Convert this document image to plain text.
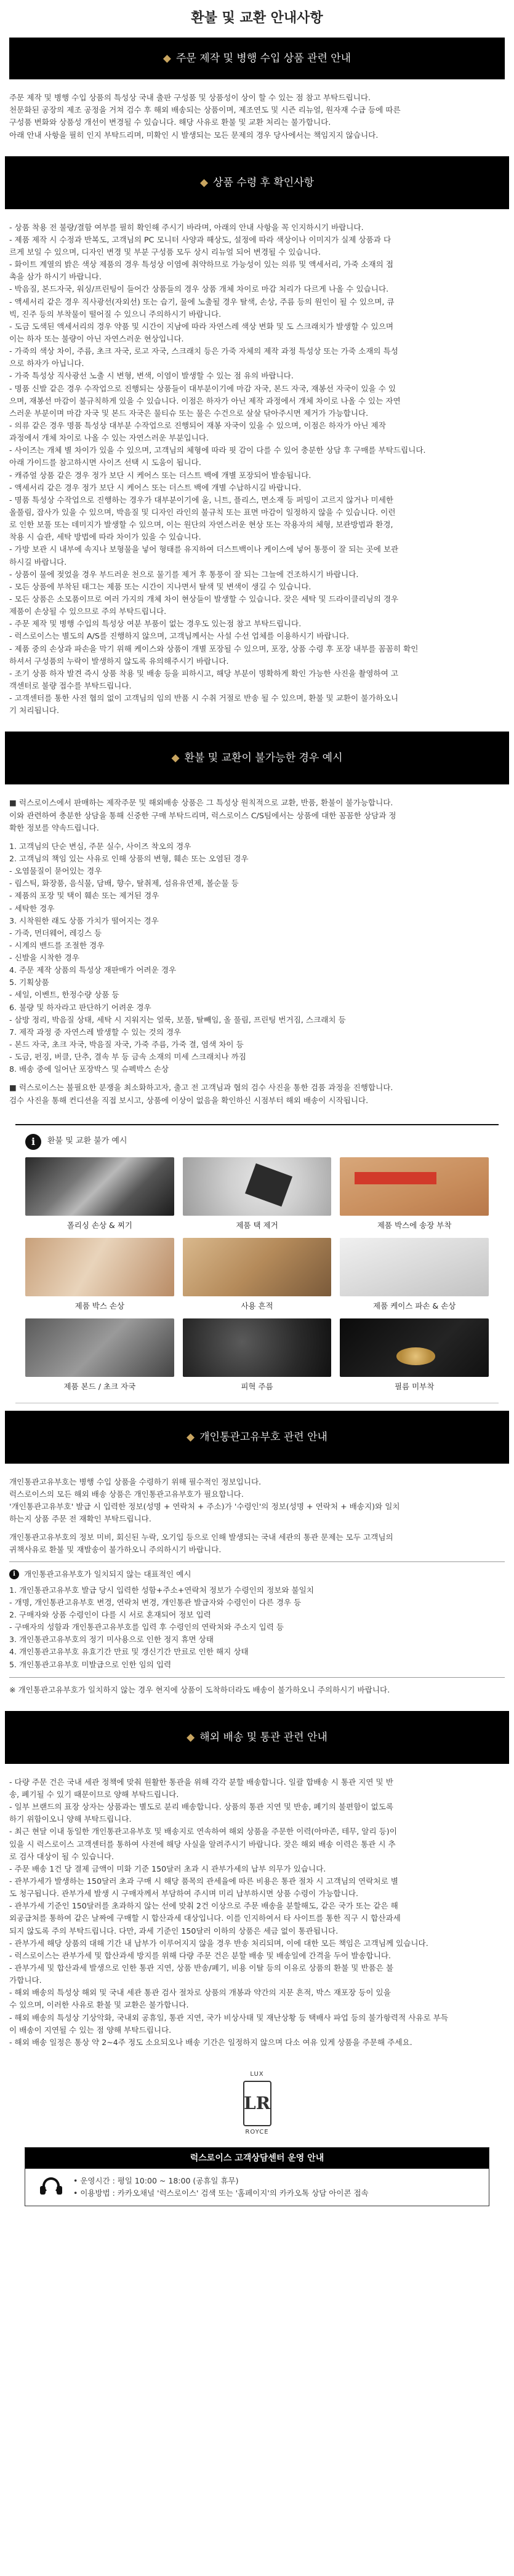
환불 및 교환 안내사항
◆ 주문 제작 및 병행 수입 상품 관련 안내

주문 제작 및 병행 수입 상품의 특성상 국내 출판 구성품 및 상품성이 상이 할 수 있는 점 참고 부탁드립니다.

천문화된 공장의 제조 공정을 거쳐 검수 후 해외 배송되는 상품이며, 제조연도 및 시즌 리뉴얼, 원자재 수급 등에 따른

구성품 변화와 상품성 개선이 변경될 수 있습니다. 해당 사유로 환불 및 교환 처리는 불가합니다.

아래 안내 사항을 필히 인지 부탁드리며, 미확인 시 발생되는 모든 문제의 경우 당사에서는 책임지지 않습니다.

◆ 상품 수령 후 확인사항
- 상품 착용 전 불량/결함 여부를 필히 확인해 주시기 바라며, 아래의 안내 사항을 꼭 인지하시기 바랍니다.
- 제품 제작 시 수정과 반복도, 고객님의 PC 모니터 사양과 해상도, 설정에 따라 색상이나 이미지가 실제 상품과 다
르게 보일 수 있으며, 디자인 변경 및 부분 구성품 모두 상시 리뉴얼 되어 변경될 수 있습니다.
- 화이트 계열의 밝은 색상 제품의 경우 특성상 이염에 취약하므로 가능성이 있는 의류 및 액세서리, 가죽 소재의 접
촉을 삼가 하시기 바랍니다.
- 박음질, 본드자국, 워싱/프린팅이 들어간 상품들의 경우 상품 개체 차이로 마감 처리가 다르게 나올 수 있습니다.
- 액세서리 같은 경우 직사광선(자외선) 또는 습기, 물에 노출될 경우 탈색, 손상, 주름 등의 원인이 될 수 있으며, 큐
빅, 진주 등의 부착물이 떨어질 수 있으니 주의하시기 바랍니다.
- 도금 도색된 액세서리의 경우 약품 및 시간이 지남에 따라 자연스레 색상 변화 및 도 스크래치가 발생할 수 있으며
이는 하자 또는 불량이 아닌 자연스러운 현상입니다.
- 가죽의 색상 차이, 주름, 초크 자국, 로고 자국, 스크래치 등은 가죽 자체의 제작 과정 특성상 또는 가죽 소재의 특성
으로 하자가 아닙니다.
- 가죽 특성상 직사광선 노출 시 변형, 변색, 이염이 발생할 수 있는 점 유의 바랍니다.
- 명품 신발 같은 경우 수작업으로 진행되는 상품들이 대부분이기에 마감 자국, 본드 자국, 재봉선 자국이 있을 수 있
으며, 재봉선 마감이 불규칙하게 있을 수 있습니다. 이점은 하자가 아닌 제작 과정에서 개체 차이로 나올 수 있는 자연
스러운 부분이며 마감 자국 및 본드 자국은 물티슈 또는 물은 수건으로 살살 닦아주시면 제거가 가능합니다.
- 의류 같은 경우 명품 특성상 대부분 수작업으로 진행되어 재봉 자국이 있을 수 있으며, 이점은 하자가 아닌 제작
과정에서 개체 차이로 나올 수 있는 자연스러운 부분입니다.
- 사이즈는 개체 별 차이가 있을 수 있으며, 고객님의 체형에 따라 핏 감이 다를 수 있어 충분한 상담 후 구매를 부탁드립니다.
아래 가이드를 참고하시면 사이즈 선택 시 도움이 됩니다.
- 캐쥬얼 상품 같은 경우 정가 보단 시 케어스 또는 더스트 백에 개별 포장되어 발송됩니다.
- 액세서리 같은 경우 정가 보단 시 케어스 또는 더스트 백에 개별 수납하시길 바랍니다.
- 명품 특성상 수작업으로 진행하는 경우가 대부분이기에 울, 니트, 플리스, 면소재 등 퍼밍이 고르지 않거나 미세한
올풀림, 잡사가 있을 수 있으며, 박음질 및 디자인 라인의 불규칙 또는 표면 마감이 일정하지 않을 수 있습니다. 이런
로 인한 보풀 또는 데미지가 발생할 수 있으며, 이는 원단의 자연스러운 현상 또는 작용자의 체형, 보관방법과 환경,
착용 시 습관, 세탁 방법에 따라 차이가 있을 수 있습니다.
- 가방 보관 시 내부에 속지나 보형물을 넣어 형태를 유지하여 더스트백이나 케이스에 넣어 통풍이 잘 되는 곳에 보관
하시길 바랍니다.
- 상품이 물에 젖었을 경우 부드러운 천으로 물기를 제거 후 통풍이 잘 되는 그늘에 건조하시기 바랍니다.
- 모든 상품에 부착된 태그는 제품 또는 시간이 지나면서 탈색 및 변색이 생길 수 있습니다.
- 모든 상품은 소모품이므로 여러 가지의 개체 차이 현상들이 발생할 수 있습니다. 잦은 세탁 및 드라이클리닝의 경우
제품이 손상될 수 있으므로 주의 부탁드립니다.
- 주문 제작 및 병행 수입의 특성상 여분 부품이 없는 경우도 있는점 참고 부탁드립니다.
- 럭스로이스는 별도의 A/S를 진행하지 않으며, 고객님께서는 사설 수선 업체를 이용하시기 바랍니다.
- 제품 중의 손상과 파손을 막기 위해 케이스와 상품이 개별 포장될 수 있으며, 포장, 상품 수령 후 포장 내부를 꼼꼼히 확인
하셔서 구성품의 누락이 발생하지 않도록 유의해주시기 바랍니다.
- 조기 상품 하자 발견 즉시 상품 착용 및 배송 등을 피하시고, 해당 부분이 명확하게 확인 가능한 사진을 촬영하여 고
객센터로 불량 접수를 부탁드립니다.
- 고객센터를 통한 사전 협의 없이 고객님의 임의 반품 시 수취 거절로 반송 될 수 있으며, 환불 및 교환이 불가하오니
기 처리됩니다.
◆ 환불 및 교환이 불가능한 경우 예시

■ 럭스로이스에서 판매하는 제작주문 및 해외배송 상품은 그 특성상 원칙적으로 교환, 반품, 환불이 불가능합니다.

이와 관련하여 충분한 상담을 통해 신중한 구매 부탁드리며, 럭스로이스 C/S팀에서는 상품에 대한 꼼꼼한 상담과 정

확한 정보를 약속드립니다.

1. 고객님의 단순 변심, 주문 실수, 사이즈 착오의 경우
2. 고객님의 책임 있는 사유로 인해 상품의 변형, 훼손 또는 오염된 경우
- 오염물질이 묻어있는 경우
- 립스틱, 화장품, 음식물, 담배, 향수, 탈취제, 섬유유연제, 볼순물 등
- 제품의 포장 및 택이 훼손 또는 제거된 경우
- 세탁한 경우
3. 시착원한 래도 상품 가치가 떨어지는 경우
- 가죽, 먼더웨어, 레깅스 등
- 시계의 밴드를 조절한 경우
- 신발을 시착한 경우
4. 주문 제작 상품의 특성상 재판매가 어려운 경우
5. 기획상품
- 세일, 이벤트, 한정수량 상품 등
6. 불량 및 하자라고 판단하기 어려운 경우
- 삼방 정리, 박음질 상태, 세탁 시 지워지는 얼룩, 보풀, 탈빼임, 올 풀림, 프린팅 번거짐, 스크래치 등
7. 제작 과정 중 자연스레 발생할 수 있는 것의 경우
- 본드 자국, 초크 자국, 박음질 자국, 가죽 주름, 가죽 결, 염색 차이 등
- 도금, 펀징, 버클, 단추, 결속 부 등 금속 소재의 미세 스크래치나 까짐
8. 배송 중에 일어난 포장박스 및 슈펙박스 손상

■ 럭스로이스는 불필요한 분쟁을 최소화하고자, 출고 전 고객님과 협의 검수 사진을 통한 검품 과정을 진행합니다.

검수 사진을 통해 컨디션을 직접 보시고, 상품에 이상이 없음을 확인하신 시점부터 해외 배송이 시작됩니다.

i	환불 및 교환 불가 예시
폴리싱 손상 & 찌기	제품 택 제거	제품 박스에 송장 부착
제품 박스 손상	사용 흔적	제품 케이스 파손 & 손상
제품 본드 / 초크 자국	피혁 주름	필름 미부착
◆ 개인통관고유부호 관련 안내

개인통관고유부호는 병행 수입 상품을 수령하기 위해 필수적인 정보입니다.

럭스로이스의 모든 해외 배송 상품은 개인통관고유부호가 필요합니다.

'개인통관고유부호' 발급 시 입력한 정보(성명 + 연락처 + 주소)가 '수령인'의 정보(성명 + 연락처 + 배송지)와 일치

하는지 상품 주문 전 재확인 부탁드립니다.

개인통관고유부호의 정보 미비, 회신된 누락, 오기입 등으로 인해 발생되는 국내 세관의 통관 문제는 모두 고객님의

귀책사유로 환불 및 재발송이 불가하오니 주의하시기 바랍니다.

i	개인통관고유부호가 일치되지 않는 대표적인 예시
1. 개인통관고유부호 발급 당시 입력한 성함+주소+연락처 정보가 수령인의 정보와 불일치
- 개명, 개인통관고유부호 변경, 연락처 변경, 개인통관 발급자와 수령인이 다른 경우 등
2. 구매자와 상품 수령인이 다를 시 서로 혼재되어 정보 입력
- 구매자의 성함과 개인통관고유부호를 입력 후 수령인의 연락처와 주소지 입력 등
3. 개인통관고유부호의 정기 미사용으로 인한 정지 휴면 상태
4. 개인통관고유부호 유효기간 만료 및 갱신기간 만료로 인한 해지 상태
5. 개인통관고유부호 미발급으로 인한 임의 입력

※ 개인통관고유부호가 일치하지 않는 경우 현지에 상품이 도착하더라도 배송이 불가하오니 주의하시기 바랍니다.

◆ 해외 배송 및 통관 관련 안내
- 다량 주문 건은 국내 세관 정책에 맞춰 원활한 통관을 위해 각각 분할 배송합니다. 일괄 합배송 시 통관 지연 및 반
송, 폐기될 수 있기 때문이므로 양해 부탁드립니다.
- 일부 브랜드의 표장 상자는 상품과는 별도로 분리 배송합니다. 상품의 통관 지연 및 반송, 폐기의 불편함이 없도록
하기 위함이오니 양해 부탁드립니다.
- 최근 현달 이내 동일한 개인통관고유부호 및 배송지로 연속하여 해외 상품을 주문한 이력(아마존, 테무, 알리 등)이
있을 시 럭스로이스 고객센터를 통하여 사전에 해당 사실을 알려주시기 바랍니다. 잦은 해외 배송 이력은 통관 시 추
로 검사 대상이 될 수 있습니다.
- 주문 배송 1건 당 결제 금액이 미화 기준 150달러 초과 시 관부가세의 납부 의무가 있습니다.
- 관부가세가 발생하는 150달러 초과 구매 시 해당 품목의 관세율에 따른 비용은 통관 절차 시 고객님의 연락처로 별
도 청구됩니다. 관부가세 발생 시 구매자께서 부담하여 주시며 미리 납부하시면 상품 수령이 가능합니다.
- 관부가세 기준인 150달러를 초과하지 않는 선에 맞춰 2건 이상으로 주문 배송을 분할해도, 같은 국가 또는 같은 해
외공급처를 통하여 같은 날짜에 구매할 시 합산과세 대상입니다. 이를 인지하여서 타 사이트를 통한 직구 시 합산과세
되지 않도록 주의 부탁드립니다. 다만, 과세 기준인 150달러 이하의 상품은 세금 없이 통관됩니다.
- 관부가세 해당 상품의 대해 기간 내 납부가 이루어지지 않을 경우 반송 처리되며, 이에 대한 모든 책임은 고객님께 있습니다.
- 럭스로이스는 관부가세 및 합산과세 방지를 위해 다량 주문 건은 분할 배송 및 배송일에 간격을 두어 발송합니다.
- 관부가세 및 합산과세 발생으로 인한 통관 지연, 상품 반송/폐기, 비용 이탈 등의 이유로 상품의 환불 및 반품은 불
가합니다.
- 해외 배송의 특성상 해외 및 국내 세관 통관 검사 절차로 상품의 개봉과 약간의 지문 흔적, 박스 재포장 등이 있을
수 있으며, 이러한 사유로 환불 및 교환은 불가합니다.
- 해외 배송의 특성상 기상악화, 국내외 공휴일, 통관 지연, 국가 비상사태 및 재난상황 등 택배사 파업 등의 불가항력적 사유로 부득
이 배송이 지연될 수 있는 점 양해 부탁드립니다.
- 해외 배송 일정은 통상 약 2~4주 정도 소요되오나 배송 기간은 일정하지 않으며 다소 여유 있게 상품을 주문해 주세요.
LUX
LR
ROYCE
럭스로이스 고객상담센터 운영 안내
• 운영시간 : 평일 10:00 ~ 18:00 (공휴일 휴무)
• 이용방법 : 카카오채널 '럭스로이스' 검색 또는 '홈페이지'의 카카오톡 상담 아이콘 접속
